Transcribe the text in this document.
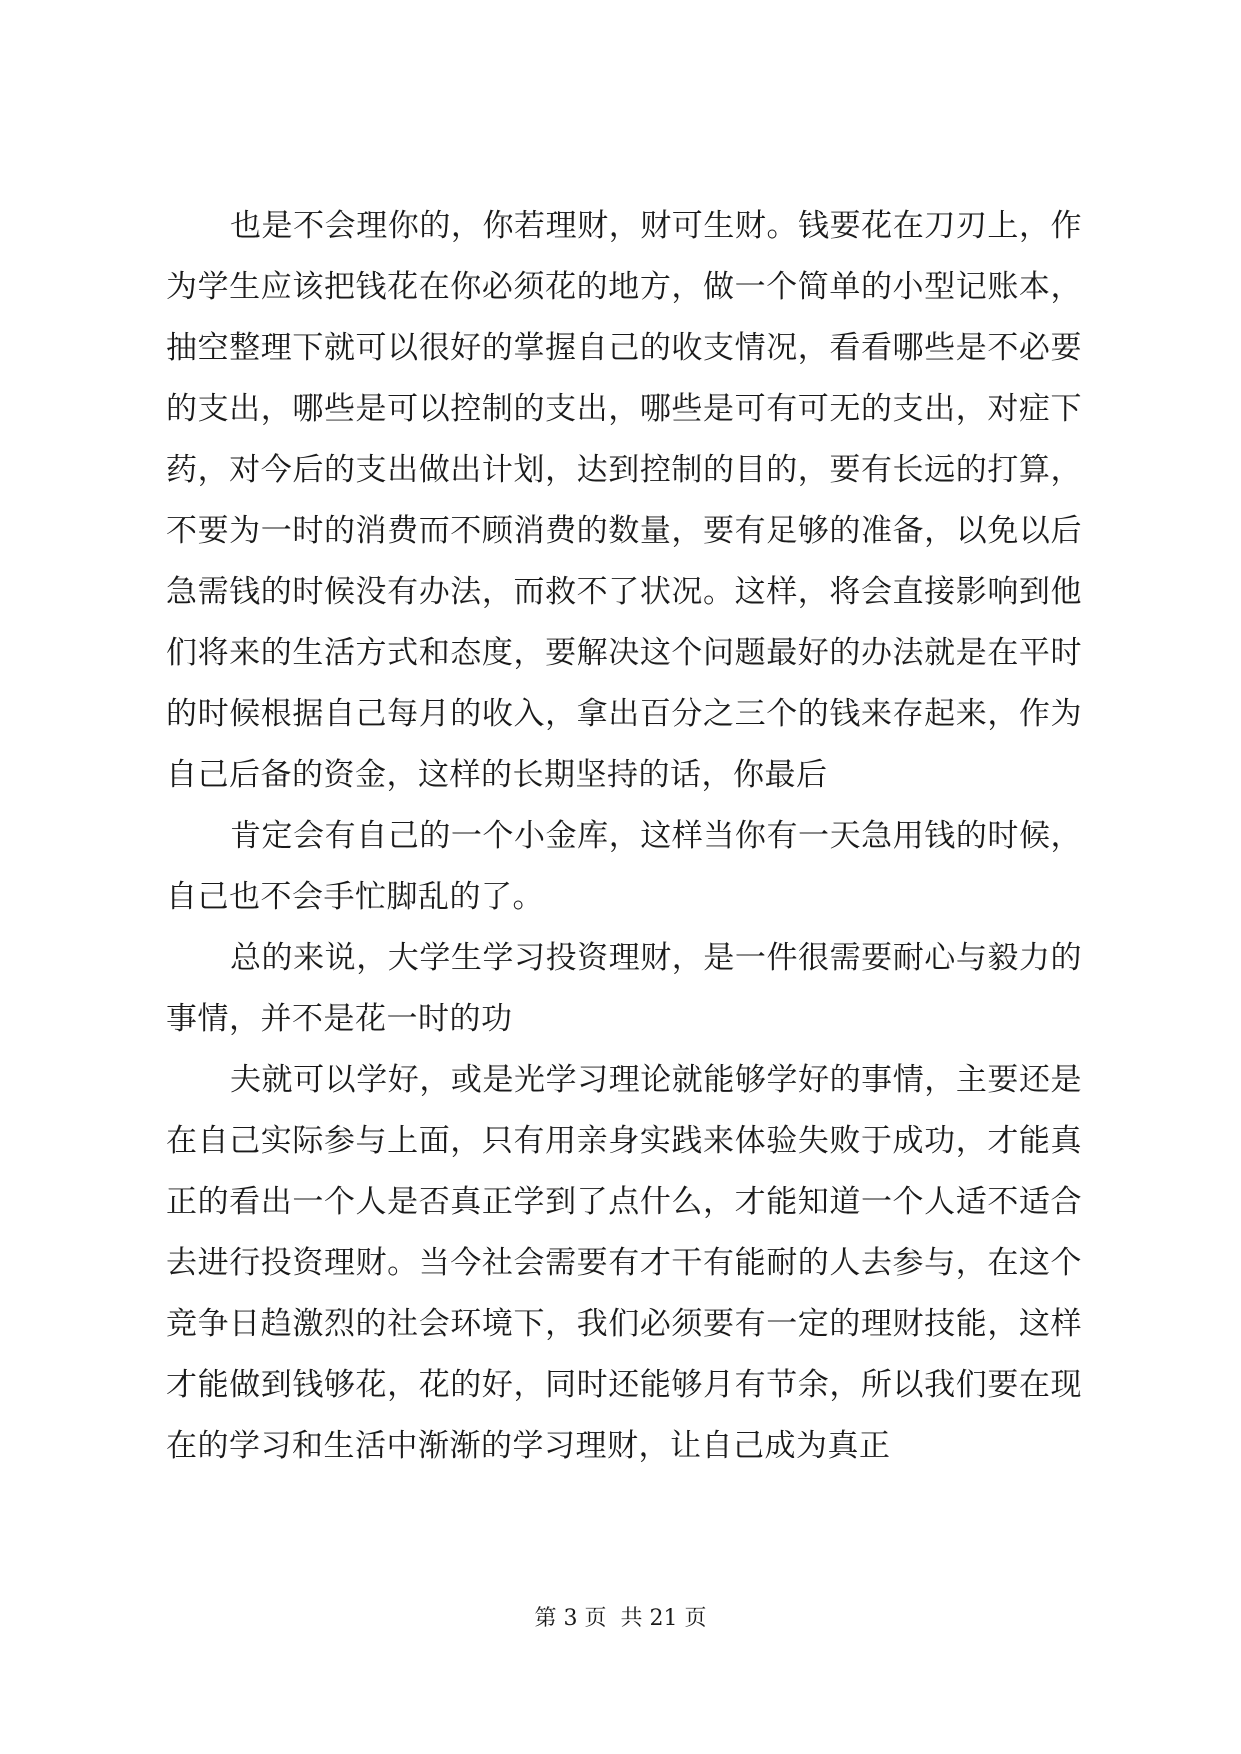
也是不会理你的，你若理财，财可生财。钱要花在刀刃上，作为学生应该把钱花在你必须花的地方，做一个简单的小型记账本，抽空整理下就可以很好的掌握自己的收支情况，看看哪些是不必要的支出，哪些是可以控制的支出，哪些是可有可无的支出，对症下药，对今后的支出做出计划，达到控制的目的，要有长远的打算，不要为一时的消费而不顾消费的数量，要有足够的准备，以免以后急需钱的时候没有办法，而救不了状况。这样，将会直接影响到他们将来的生活方式和态度，要解决这个问题最好的办法就是在平时的时候根据自己每月的收入，拿出百分之三个的钱来存起来，作为自己后备的资金，这样的长期坚持的话，你最后

肯定会有自己的一个小金库，这样当你有一天急用钱的时候，自己也不会手忙脚乱的了。

总的来说，大学生学习投资理财，是一件很需要耐心与毅力的事情，并不是花一时的功

夫就可以学好，或是光学习理论就能够学好的事情，主要还是在自己实际参与上面，只有用亲身实践来体验失败于成功，才能真正的看出一个人是否真正学到了点什么，才能知道一个人适不适合去进行投资理财。当今社会需要有才干有能耐的人去参与，在这个竞争日趋激烈的社会环境下，我们必须要有一定的理财技能，这样才能做到钱够花，花的好，同时还能够月有节余，所以我们要在现在的学习和生活中渐渐的学习理财，让自己成为真正

第 3 页  共 21 页
